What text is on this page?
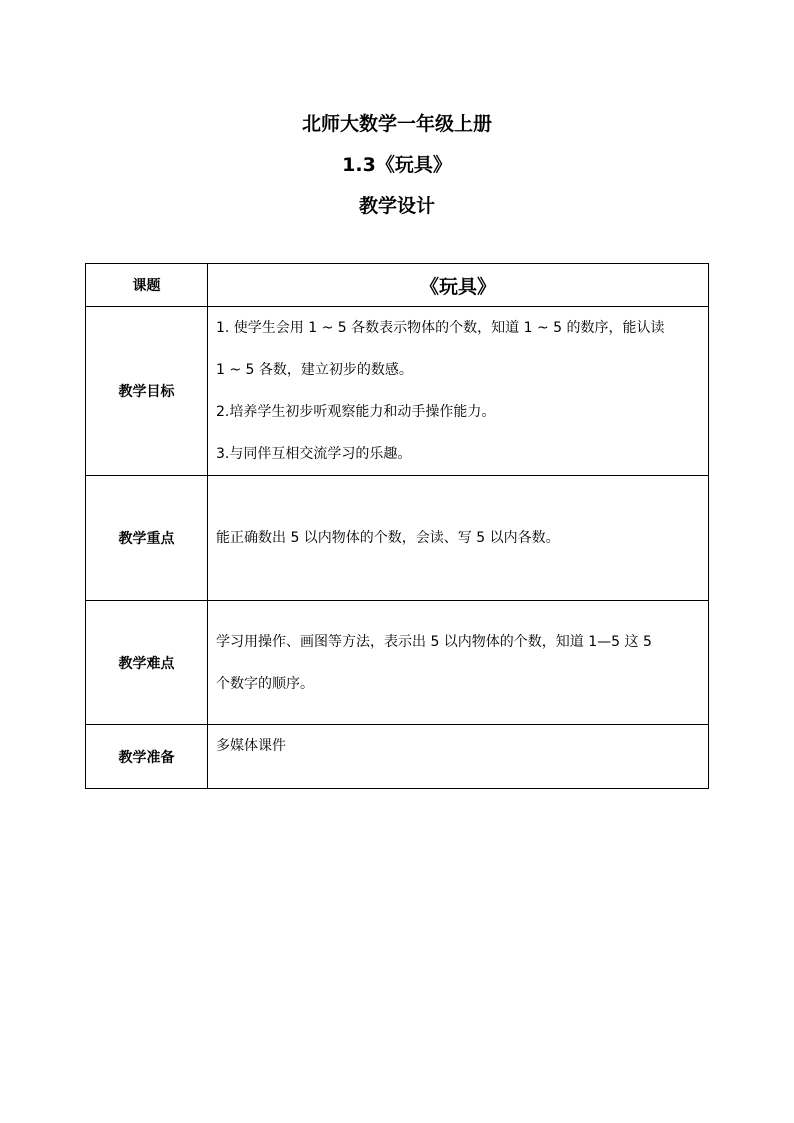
北师大数学一年级上册
1.3《玩具》
教学设计
课题	《玩具》
教学目标	1. 使学生会用 1 ~ 5 各数表示物体的个数，知道 1 ~ 5 的数序，能认读
1 ~ 5 各数，建立初步的数感。
2.培养学生初步听观察能力和动手操作能力。
3.与同伴互相交流学习的乐趣。

教学重点	能正确数出 5 以内物体的个数，会读、写 5 以内各数。

教学难点	学习用操作、画图等方法，表示出 5 以内物体的个数，知道 1—5 这 5
个数字的顺序。

教学准备	多媒体课件
